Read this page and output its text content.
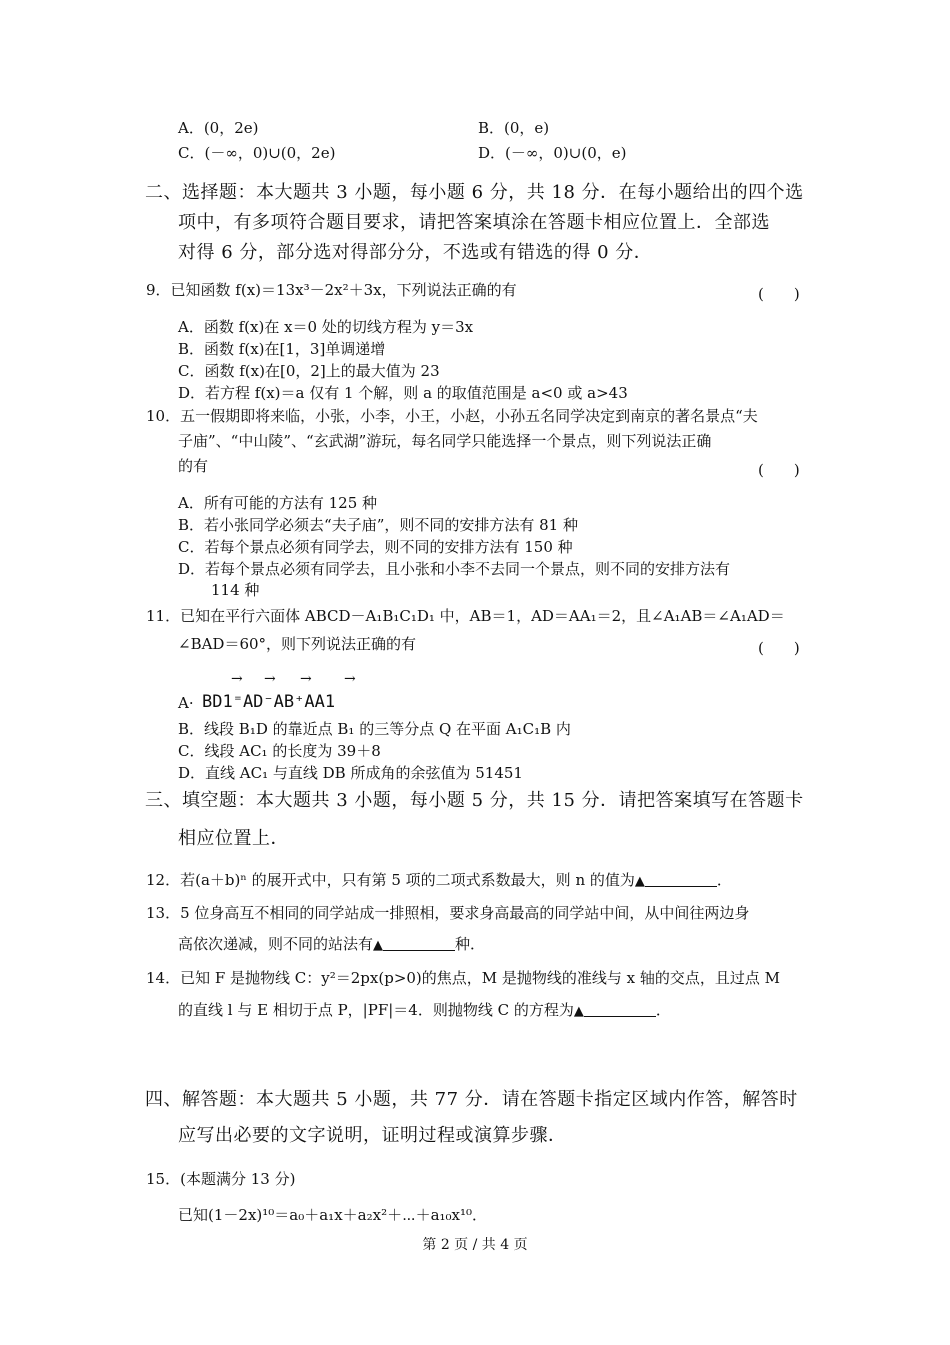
A．(0，2e)	B．(0，e)
C．(－∞，0)∪(0，2e)	D．(－∞，0)∪(0，e)
二、选择题：本大题共 3 小题，每小题 6 分，共 18 分．在每小题给出的四个选
项中，有多项符合题目要求，请把答案填涂在答题卡相应位置上．全部选
对得 6 分，部分选对得部分分，不选或有错选的得 0 分．
9．已知函数 f(x)＝13x³－2x²＋3x，下列说法正确的有	(　　)
A．函数 f(x)在 x＝0 处的切线方程为 y＝3x
B．函数 f(x)在[1，3]单调递增
C．函数 f(x)在[0，2]上的最大值为 23
D．若方程 f(x)＝a 仅有 1 个解，则 a 的取值范围是 a<0 或 a>43
10．五一假期即将来临，小张，小李，小王，小赵，小孙五名同学决定到南京的著名景点“夫
子庙”、“中山陵”、“玄武湖”游玩，每名同学只能选择一个景点，则下列说法正确
的有	(　　)
A．所有可能的方法有 125 种
B．若小张同学必须去“夫子庙”，则不同的安排方法有 81 种
C．若每个景点必须有同学去，则不同的安排方法有 150 种
D．若每个景点必须有同学去，且小张和小李不去同一个景点，则不同的安排方法有
114 种
11．已知在平行六面体 ABCD－A₁B₁C₁D₁ 中，AB＝1，AD＝AA₁＝2，且∠A₁AB＝∠A₁AD＝
∠BAD＝60°，则下列说法正确的有	(　　)
→ → → →
A· BD1⁼AD⁻AB⁺AA1
B．线段 B₁D 的靠近点 B₁ 的三等分点 Q 在平面 A₁C₁B 内
C．线段 AC₁ 的长度为 39＋8
D．直线 AC₁ 与直线 DB 所成角的余弦值为 51451
三、填空题：本大题共 3 小题，每小题 5 分，共 15 分．请把答案填写在答题卡
相应位置上．
12．若(a＋b)ⁿ 的展开式中，只有第 5 项的二项式系数最大，则 n 的值为▲	．
13．5 位身高互不相同的同学站成一排照相，要求身高最高的同学站中间，从中间往两边身
高依次递减，则不同的站法有▲	种．
14．已知 F 是抛物线 C：y²＝2px(p>0)的焦点，M 是抛物线的准线与 x 轴的交点，且过点 M
的直线 l 与 E 相切于点 P，|PF|＝4．则抛物线 C 的方程为▲	．
四、解答题：本大题共 5 小题，共 77 分．请在答题卡指定区域内作答，解答时
应写出必要的文字说明，证明过程或演算步骤．
15．(本题满分 13 分)
已知(1－2x)¹⁰＝a₀＋a₁x＋a₂x²＋⋯＋a₁₀x¹⁰．
第 2 页 / 共 4 页
